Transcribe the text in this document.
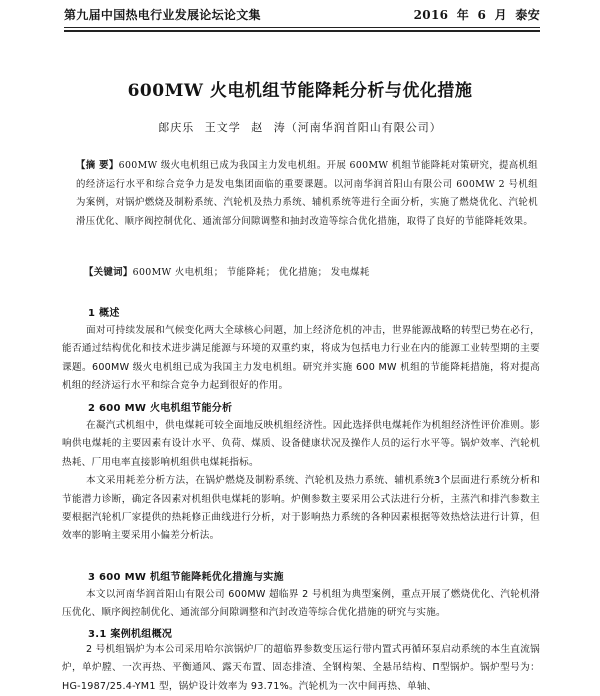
第九届中国热电行业发展论坛论文集	2016 年 6 月 泰安
600MW 火电机组节能降耗分析与优化措施
郎庆乐 王文学 赵 涛（河南华润首阳山有限公司）
【摘 要】600MW 级火电机组已成为我国主力发电机组。开展 600MW 机组节能降耗对策研究，提高机组的经济运行水平和综合竞争力是发电集团面临的重要课题。以河南华润首阳山有限公司 600MW 2 号机组为案例，对锅炉燃烧及制粉系统、汽轮机及热力系统、辅机系统等进行全面分析，实施了燃烧优化、汽轮机滑压优化、顺序阀控制优化、通流部分间隙调整和抽封改造等综合优化措施，取得了良好的节能降耗效果。
【关键词】600MW 火电机组； 节能降耗； 优化措施； 发电煤耗
1 概述

面对可持续发展和气候变化两大全球核心问题，加上经济危机的冲击，世界能源战略的转型已势在必行，能否通过结构优化和技术进步满足能源与环境的双重约束，将成为包括电力行业在内的能源工业转型期的主要课题。600MW 级火电机组已成为我国主力发电机组。研究并实施 600 MW 机组的节能降耗措施，将对提高机组的经济运行水平和综合竞争力起到很好的作用。

2 600 MW 火电机组节能分析

在凝汽式机组中，供电煤耗可较全面地反映机组经济性。因此选择供电煤耗作为机组经济性评价准则。影响供电煤耗的主要因素有设计水平、负荷、煤质、设备健康状况及操作人员的运行水平等。锅炉效率、汽轮机热耗、厂用电率直接影响机组供电煤耗指标。

本文采用耗差分析方法，在锅炉燃烧及制粉系统、汽轮机及热力系统、辅机系统3个层面进行系统分析和节能潜力诊断，确定各因素对机组供电煤耗的影响。炉侧参数主要采用公式法进行分析，主蒸汽和排汽参数主要根据汽轮机厂家提供的热耗修正曲线进行分析，对于影响热力系统的各种因素根据等效热焓法进行计算，但效率的影响主要采用小偏差分析法。

3 600 MW 机组节能降耗优化措施与实施

本文以河南华润首阳山有限公司 600MW 超临界 2 号机组为典型案例，重点开展了燃烧优化、汽轮机滑压优化、顺序阀控制优化、通流部分间隙调整和汽封改造等综合优化措施的研究与实施。

3.1 案例机组概况

2 号机组锅炉为本公司采用哈尔滨锅炉厂的超临界参数变压运行带内置式再循环泵启动系统的本生直流锅炉，单炉膛、一次再热、平衡通风、露天布置、固态排渣、全钢构架、全悬吊结构、Π型锅炉。锅炉型号为：HG-1987/25.4-YM1 型，锅炉设计效率为 93.71%。汽轮机为一次中间再热、单轴、
